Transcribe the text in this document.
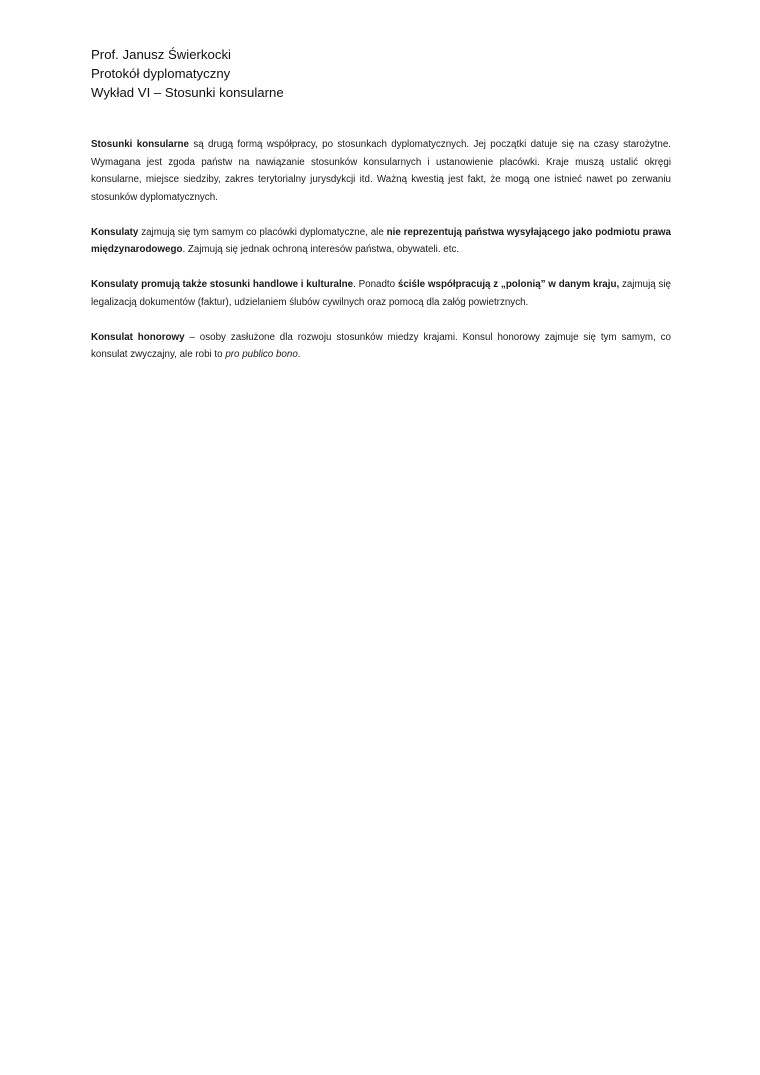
Prof. Janusz Świerkocki
Protokół dyplomatyczny
Wykład VI – Stosunki konsularne

Stosunki konsularne są drugą formą współpracy, po stosunkach dyplomatycznych. Jej początki datuje się na czasy starożytne. Wymagana jest zgoda państw na nawiązanie stosunków konsularnych i ustanowienie placówki. Kraje muszą ustalić okręgi konsularne, miejsce siedziby, zakres terytorialny jurysdykcji itd. Ważną kwestią jest fakt, że mogą one istnieć nawet po zerwaniu stosunków dyplomatycznych.

Konsulaty zajmują się tym samym co placówki dyplomatyczne, ale nie reprezentują państwa wysyłającego jako podmiotu prawa międzynarodowego. Zajmują się jednak ochroną interesów państwa, obywateli. etc.

Konsulaty promują także stosunki handlowe i kulturalne. Ponadto ściśle współpracują z „polonią” w danym kraju, zajmują się legalizacją dokumentów (faktur), udzielaniem ślubów cywilnych oraz pomocą dla załóg powietrznych.

Konsulat honorowy – osoby zasłużone dla rozwoju stosunków miedzy krajami. Konsul honorowy zajmuje się tym samym, co konsulat zwyczajny, ale robi to pro publico bono.
